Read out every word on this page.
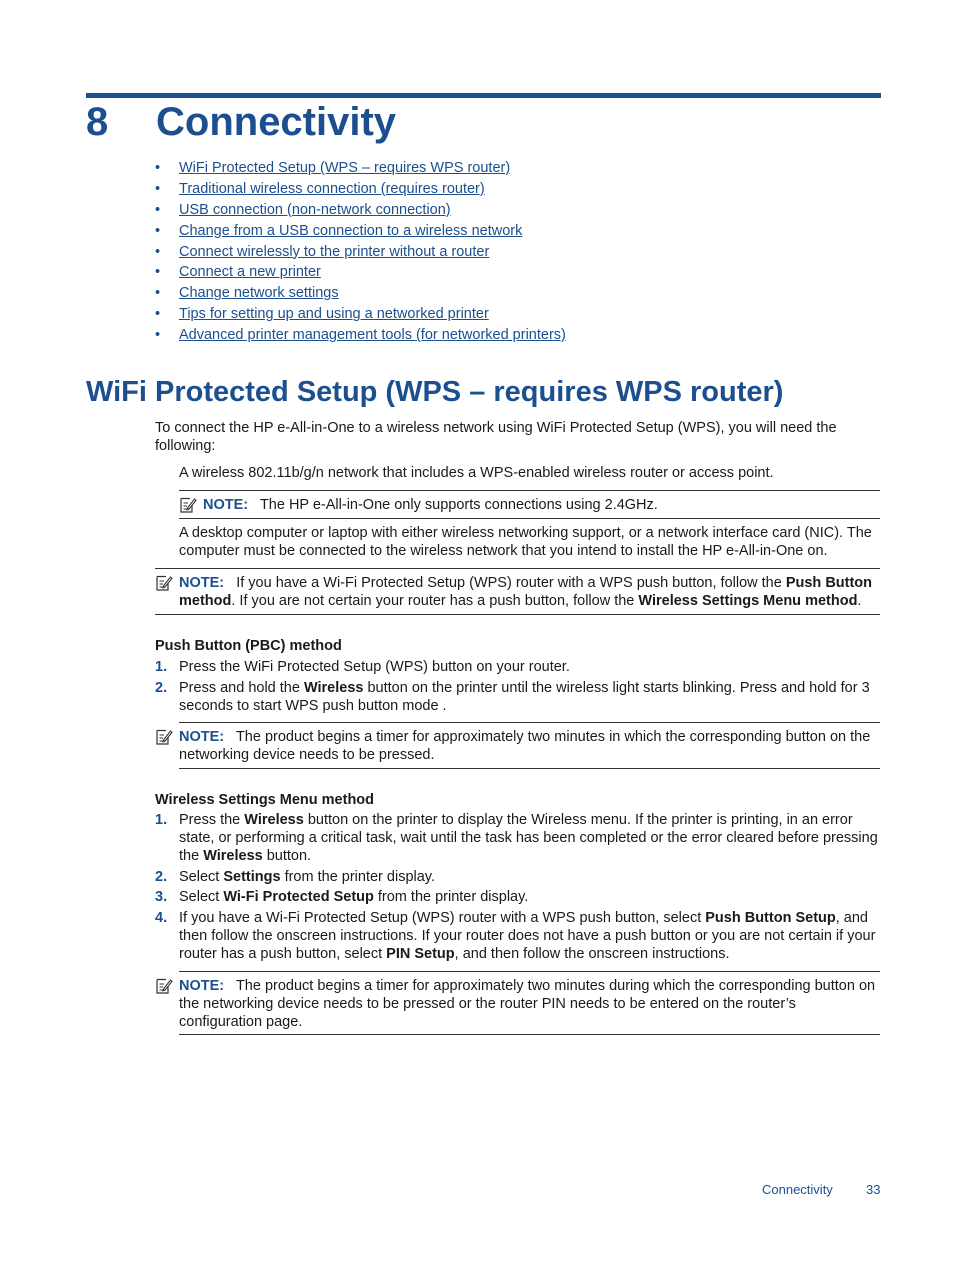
8 Connectivity
• WiFi Protected Setup (WPS – requires WPS router)
• Traditional wireless connection (requires router)
• USB connection (non-network connection)
• Change from a USB connection to a wireless network
• Connect wirelessly to the printer without a router
• Connect a new printer
• Change network settings
• Tips for setting up and using a networked printer
• Advanced printer management tools (for networked printers)
WiFi Protected Setup (WPS – requires WPS router)

To connect the HP e-All-in-One to a wireless network using WiFi Protected Setup (WPS), you will need the following:

A wireless 802.11b/g/n network that includes a WPS-enabled wireless router or access point.

NOTE: The HP e-All-in-One only supports connections using 2.4GHz.

A desktop computer or laptop with either wireless networking support, or a network interface card (NIC). The computer must be connected to the wireless network that you intend to install the HP e-All-in-One on.

NOTE: If you have a Wi-Fi Protected Setup (WPS) router with a WPS push button, follow the Push Button method. If you are not certain your router has a push button, follow the Wireless Settings Menu method.
Push Button (PBC) method
1. Press the WiFi Protected Setup (WPS) button on your router.
2. Press and hold the Wireless button on the printer until the wireless light starts blinking. Press and hold for 3 seconds to start WPS push button mode .
NOTE: The product begins a timer for approximately two minutes in which the corresponding button on the networking device needs to be pressed.
Wireless Settings Menu method
1. Press the Wireless button on the printer to display the Wireless menu. If the printer is printing, in an error state, or performing a critical task, wait until the task has been completed or the error cleared before pressing the Wireless button.
2. Select Settings from the printer display.
3. Select Wi-Fi Protected Setup from the printer display.
4. If you have a Wi-Fi Protected Setup (WPS) router with a WPS push button, select Push Button Setup, and then follow the onscreen instructions. If your router does not have a push button or you are not certain if your router has a push button, select PIN Setup, and then follow the onscreen instructions.
NOTE: The product begins a timer for approximately two minutes during which the corresponding button on the networking device needs to be pressed or the router PIN needs to be entered on the router’s configuration page.
Connectivity	33
